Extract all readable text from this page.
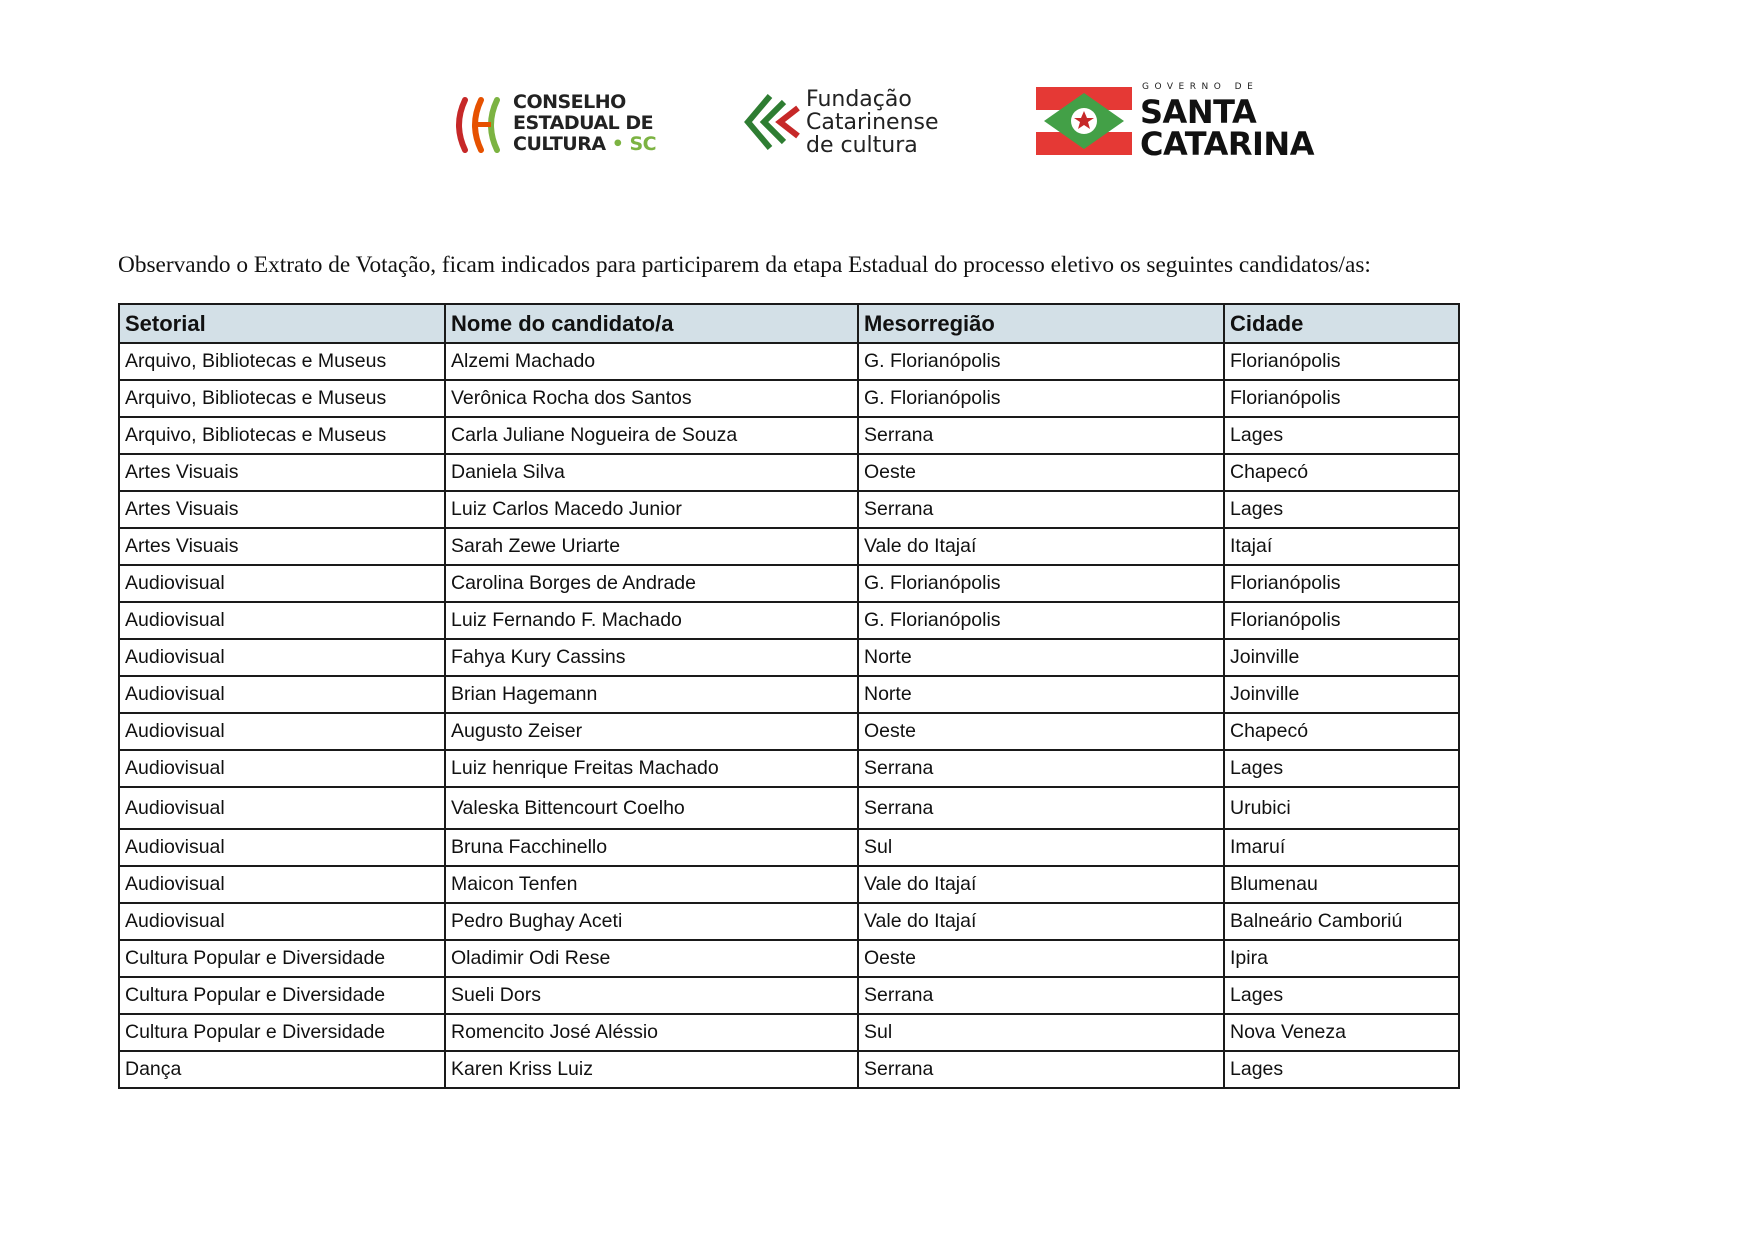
CONSELHO
ESTADUAL DE
CULTURA • SC
Fundação
Catarinense
de cultura
GOVERNO DE
SANTA
CATARINA
Observando o Extrato de Votação, ficam indicados para participarem da etapa Estadual do processo eletivo os seguintes candidatos/as:
Setorial	Nome do candidato/a	Mesorregião	Cidade
Arquivo, Bibliotecas e Museus	Alzemi Machado	G. Florianópolis	Florianópolis
Arquivo, Bibliotecas e Museus	Verônica Rocha dos Santos	G. Florianópolis	Florianópolis
Arquivo, Bibliotecas e Museus	Carla Juliane Nogueira de Souza	Serrana	Lages
Artes Visuais	Daniela Silva	Oeste	Chapecó
Artes Visuais	Luiz Carlos Macedo Junior	Serrana	Lages
Artes Visuais	Sarah Zewe Uriarte	Vale do Itajaí	Itajaí
Audiovisual	Carolina Borges de Andrade	G. Florianópolis	Florianópolis
Audiovisual	Luiz Fernando F. Machado	G. Florianópolis	Florianópolis
Audiovisual	Fahya Kury Cassins	Norte	Joinville
Audiovisual	Brian Hagemann	Norte	Joinville
Audiovisual	Augusto Zeiser	Oeste	Chapecó
Audiovisual	Luiz henrique Freitas Machado	Serrana	Lages
Audiovisual	Valeska Bittencourt Coelho	Serrana	Urubici
Audiovisual	Bruna Facchinello	Sul	Imaruí
Audiovisual	Maicon Tenfen	Vale do Itajaí	Blumenau
Audiovisual	Pedro Bughay Aceti	Vale do Itajaí	Balneário Camboriú
Cultura Popular e Diversidade	Oladimir Odi Rese	Oeste	Ipira
Cultura Popular e Diversidade	Sueli Dors	Serrana	Lages
Cultura Popular e Diversidade	Romencito José Aléssio	Sul	Nova Veneza
Dança	Karen Kriss Luiz	Serrana	Lages
